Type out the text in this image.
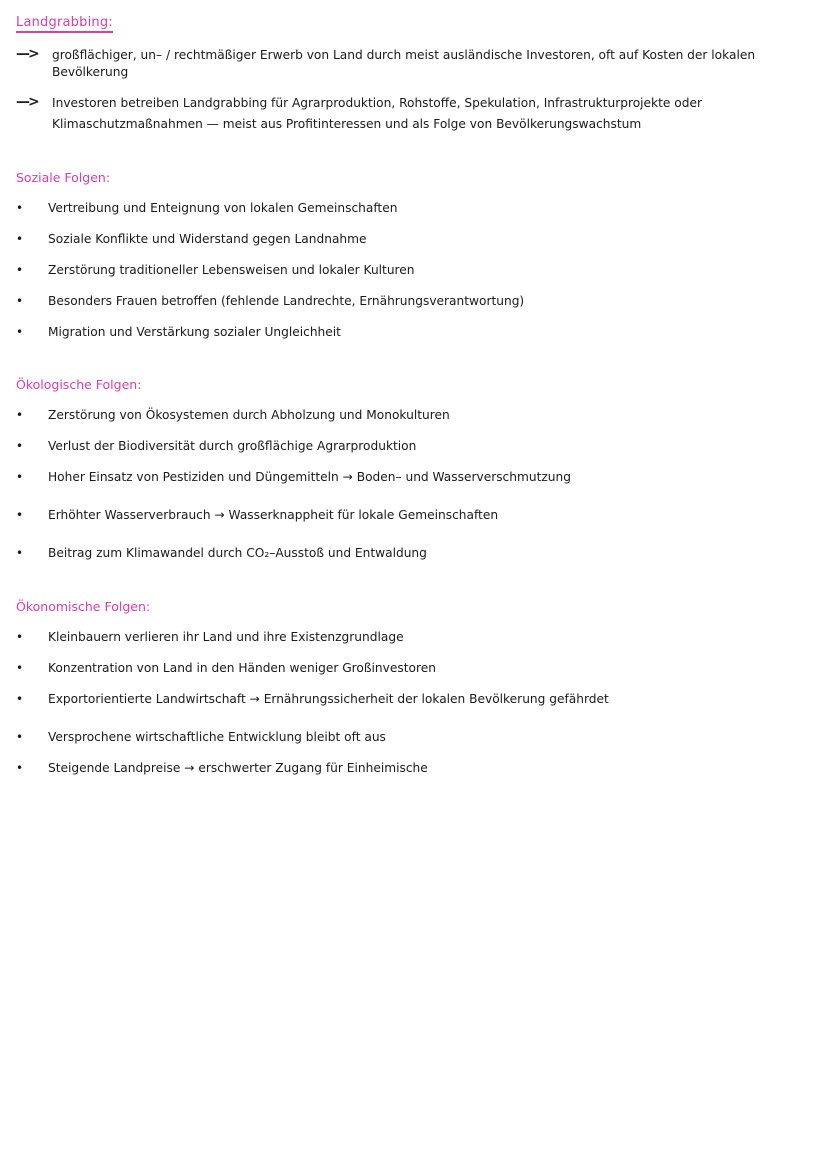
Landgrabbing:
—>	großflächiger, un– / rechtmäßiger Erwerb von Land durch meist ausländische Investoren, oft auf Kosten der lokalen
Bevölkerung
—>	Investoren betreiben Landgrabbing für Agrarproduktion, Rohstoffe, Spekulation, Infrastrukturprojekte oder
Klimaschutzmaßnahmen — meist aus Profitinteressen und als Folge von Bevölkerungswachstum
Soziale Folgen:
•	Vertreibung und Enteignung von lokalen Gemeinschaften
•	Soziale Konflikte und Widerstand gegen Landnahme
•	Zerstörung traditioneller Lebensweisen und lokaler Kulturen
•	Besonders Frauen betroffen (fehlende Landrechte, Ernährungsverantwortung)
•	Migration und Verstärkung sozialer Ungleichheit
Ökologische Folgen:
•	Zerstörung von Ökosystemen durch Abholzung und Monokulturen
•	Verlust der Biodiversität durch großflächige Agrarproduktion
•	Hoher Einsatz von Pestiziden und Düngemitteln → Boden– und Wasserverschmutzung
•	Erhöhter Wasserverbrauch → Wasserknappheit für lokale Gemeinschaften
•	Beitrag zum Klimawandel durch CO₂–Ausstoß und Entwaldung
Ökonomische Folgen:
•	Kleinbauern verlieren ihr Land und ihre Existenzgrundlage
•	Konzentration von Land in den Händen weniger Großinvestoren
•	Exportorientierte Landwirtschaft → Ernährungssicherheit der lokalen Bevölkerung gefährdet
•	Versprochene wirtschaftliche Entwicklung bleibt oft aus
•	Steigende Landpreise → erschwerter Zugang für Einheimische
